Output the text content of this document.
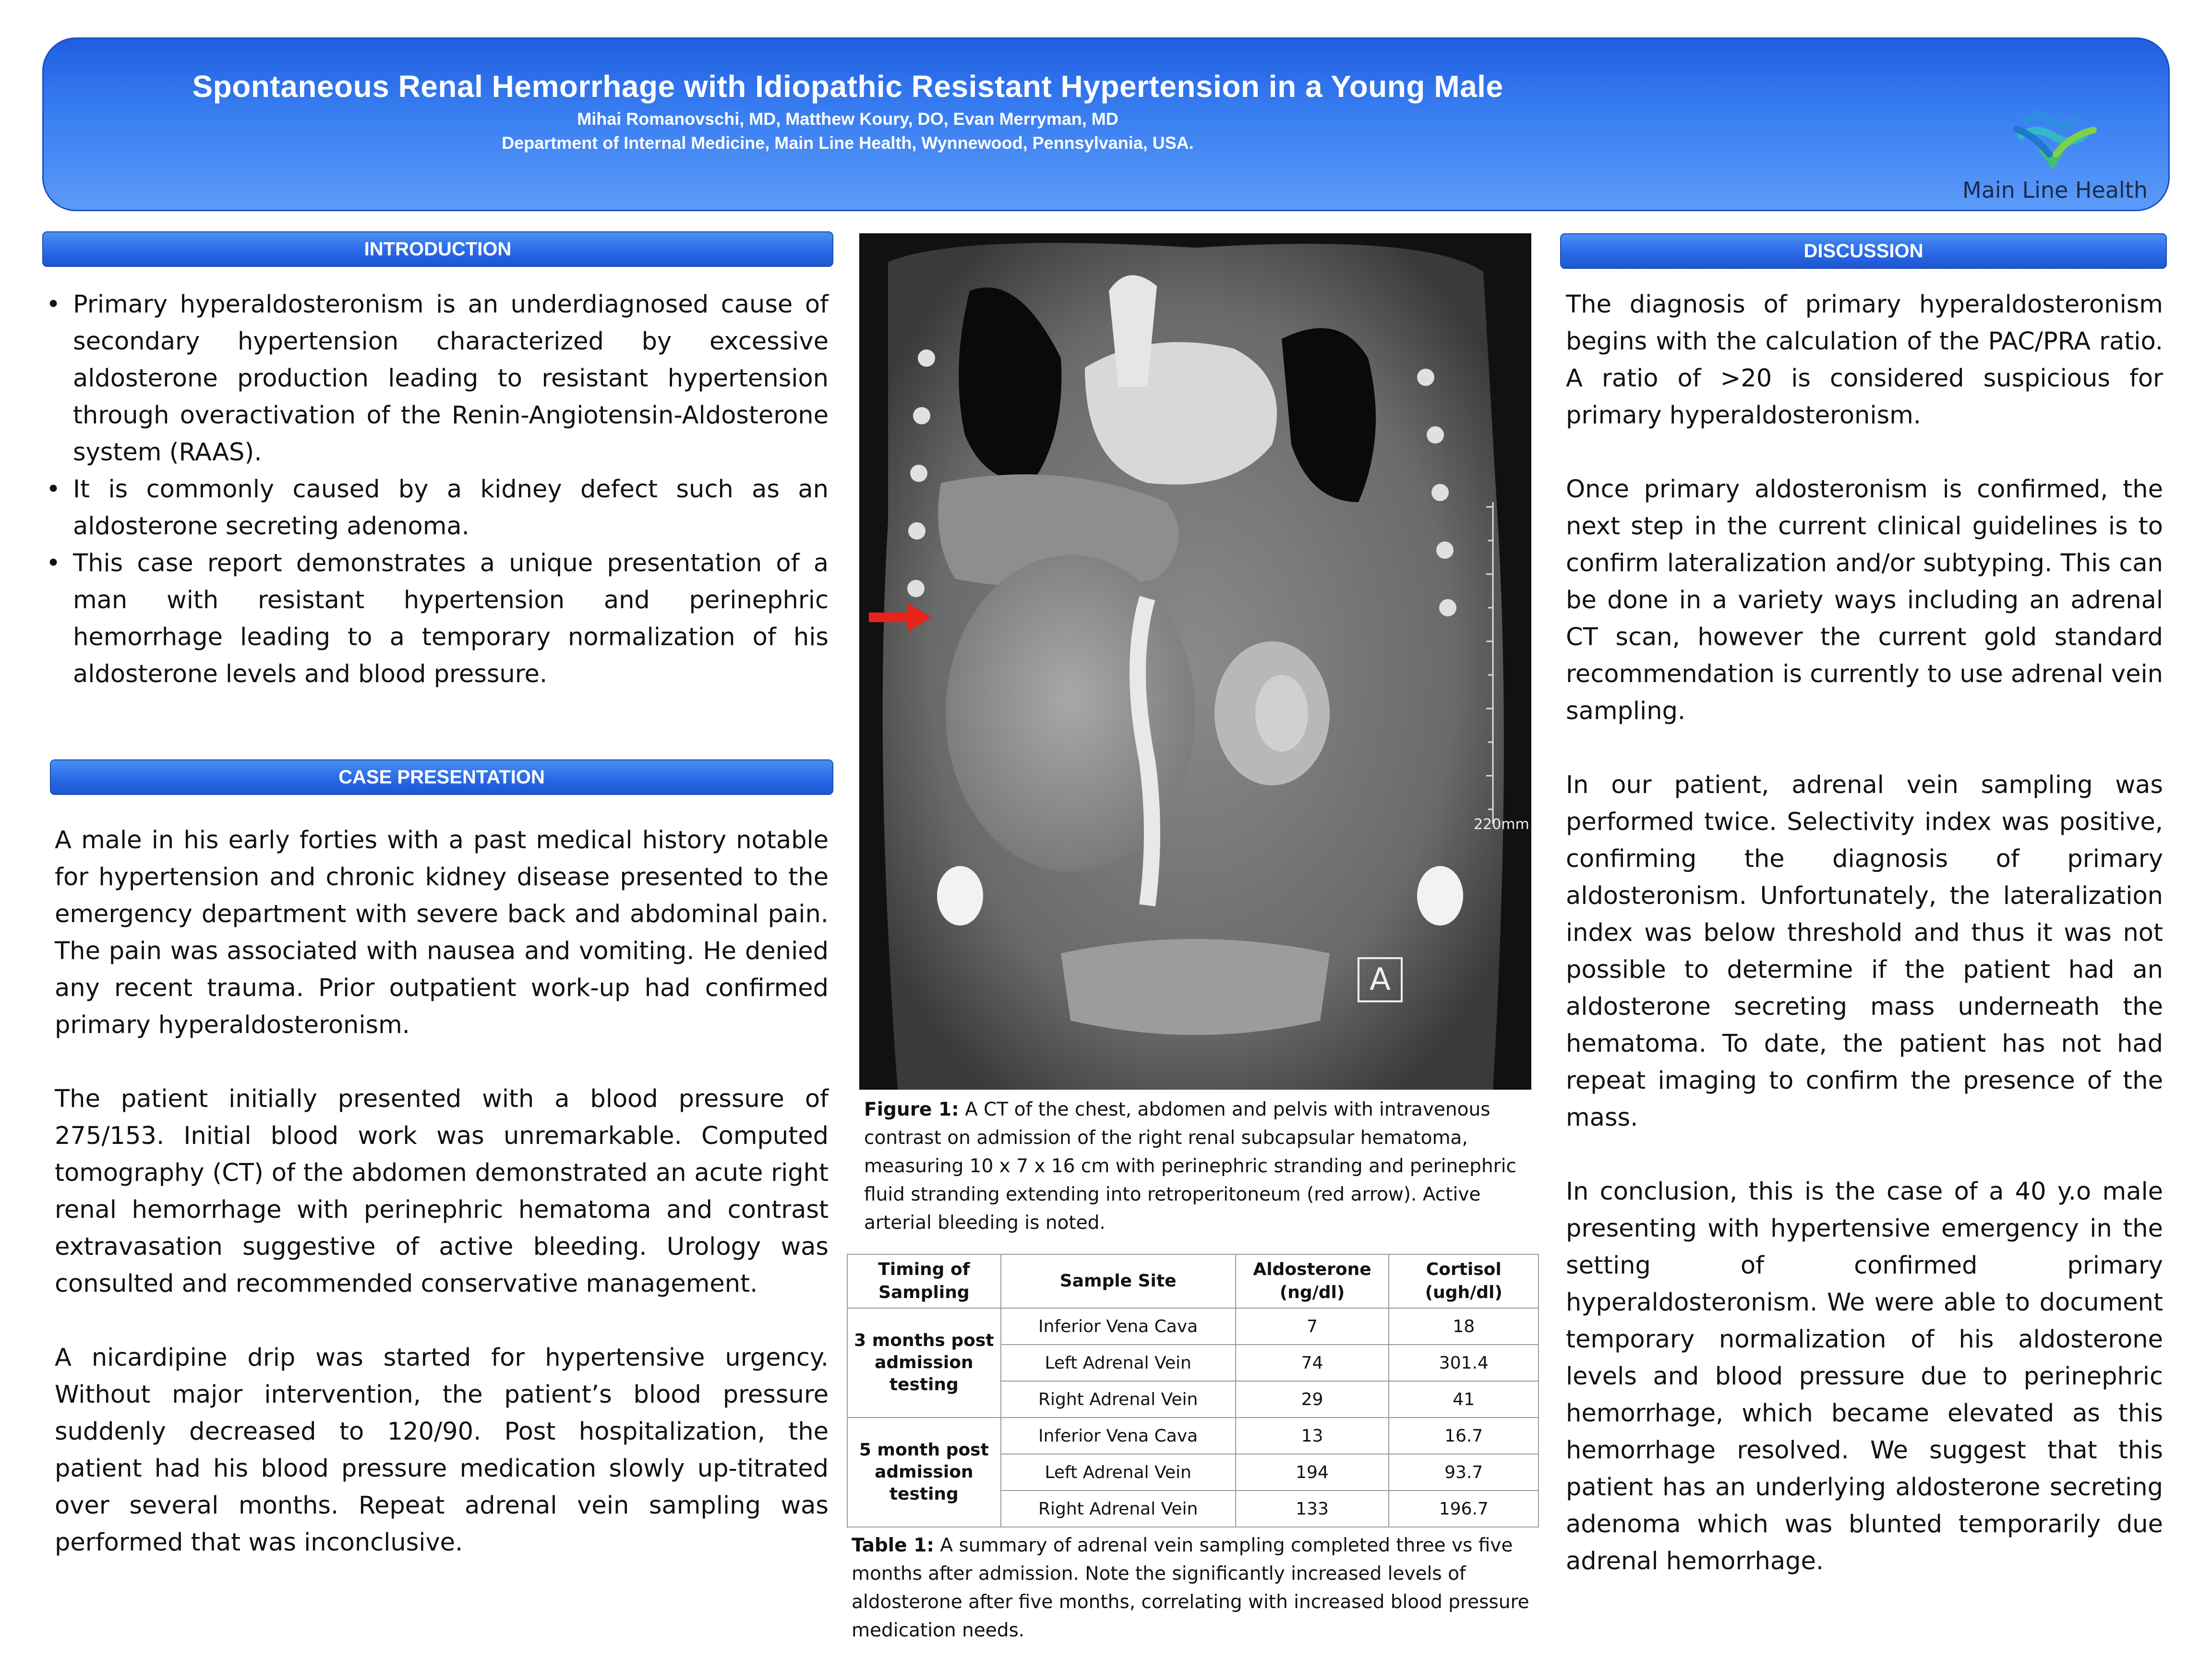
Spontaneous Renal Hemorrhage with Idiopathic Resistant Hypertension in a Young Male
Mihai Romanovschi, MD, Matthew Koury, DO, Evan Merryman, MD
Department of Internal Medicine, Main Line Health, Wynnewood, Pennsylvania, USA.
Main Line Health
INTRODUCTION
• Primary hyperaldosteronism is an underdiagnosed cause of secondary hypertension characterized by excessive aldosterone production leading to resistant hypertension through overactivation of the Renin-Angiotensin-Aldosterone system (RAAS).
• It is commonly caused by a kidney defect such as an aldosterone secreting adenoma.
• This case report demonstrates a unique presentation of a man with resistant hypertension and perinephric hemorrhage leading to a temporary normalization of his aldosterone levels and blood pressure.
CASE PRESENTATION

A male in his early forties with a past medical history notable for hypertension and chronic kidney disease presented to the emergency department with severe back and abdominal pain. The pain was associated with nausea and vomiting. He denied any recent trauma. Prior outpatient work-up had confirmed primary hyperaldosteronism.

The patient initially presented with a blood pressure of 275/153. Initial blood work was unremarkable. Computed tomography (CT) of the abdomen demonstrated an acute right renal hemorrhage with perinephric hematoma and contrast extravasation suggestive of active bleeding. Urology was consulted and recommended conservative management.

A nicardipine drip was started for hypertensive urgency. Without major intervention, the patient’s blood pressure suddenly decreased to 120/90. Post hospitalization, the patient had his blood pressure medication slowly up-titrated over several months. Repeat adrenal vein sampling was performed that was inconclusive.

220mm
A
Figure 1: A CT of the chest, abdomen and pelvis with intravenous contrast on admission of the right renal subcapsular hematoma, measuring 10 x 7 x 16 cm with perinephric stranding and perinephric fluid stranding extending into retroperitoneum (red arrow). Active arterial bleeding is noted.
Timing of Sampling	Sample Site	Aldosterone (ng/dl)	Cortisol (ugh/dl)
3 months post admission testing	Inferior Vena Cava	7	18
	Left Adrenal Vein	74	301.4
	Right Adrenal Vein	29	41
5 month post admission testing	Inferior Vena Cava	13	16.7
	Left Adrenal Vein	194	93.7
	Right Adrenal Vein	133	196.7
Table 1: A summary of adrenal vein sampling completed three vs five months after admission. Note the significantly increased levels of aldosterone after five months, correlating with increased blood pressure medication needs.
DISCUSSION

The diagnosis of primary hyperaldosteronism begins with the calculation of the PAC/PRA ratio. A ratio of >20 is considered suspicious for primary hyperaldosteronism.

Once primary aldosteronism is confirmed, the next step in the current clinical guidelines is to confirm lateralization and/or subtyping. This can be done in a variety ways including an adrenal CT scan, however the current gold standard recommendation is currently to use adrenal vein sampling.

In our patient, adrenal vein sampling was performed twice. Selectivity index was positive, confirming the diagnosis of primary aldosteronism. Unfortunately, the lateralization index was below threshold and thus it was not possible to determine if the patient had an aldosterone secreting mass underneath the hematoma. To date, the patient has not had repeat imaging to confirm the presence of the mass.

In conclusion, this is the case of a 40 y.o male presenting with hypertensive emergency in the setting of confirmed primary hyperaldosteronism. We were able to document temporary normalization of his aldosterone levels and blood pressure due to perinephric hemorrhage, which became elevated as this hemorrhage resolved. We suggest that this patient has an underlying aldosterone secreting adenoma which was blunted temporarily due adrenal hemorrhage.
